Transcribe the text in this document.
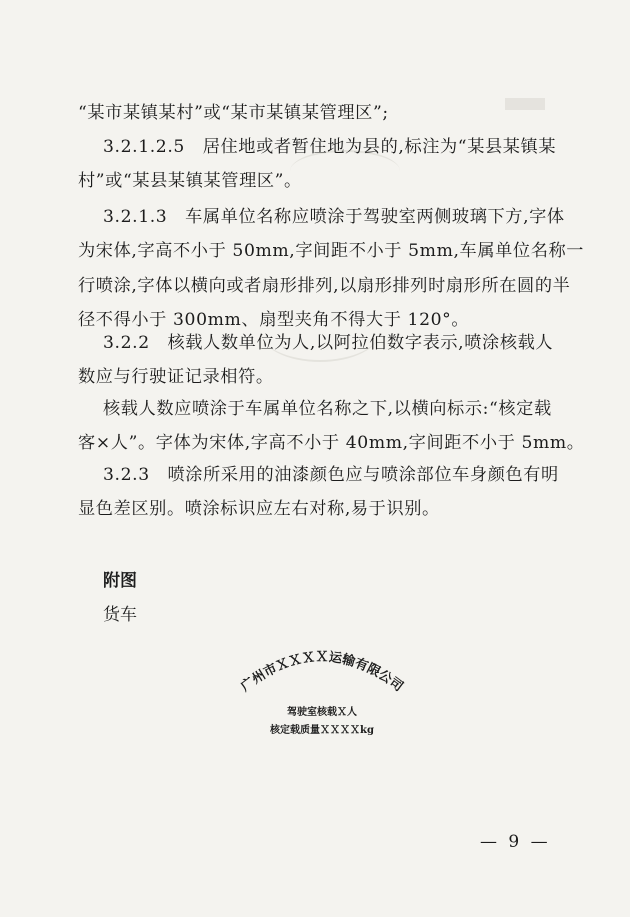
“某市某镇某村”或“某市某镇某管理区”;

3.2.1.2.5　居住地或者暂住地为县的,标注为“某县某镇某
村”或“某县某镇某管理区”。

3.2.1.3　车属单位名称应喷涂于驾驶室两侧玻璃下方,字体
为宋体,字高不小于 50mm,字间距不小于 5mm,车属单位名称一
行喷涂,字体以横向或者扇形排列,以扇形排列时扇形所在圆的半
径不得小于 300mm、扇型夹角不得大于 120°。

3.2.2　核载人数单位为人,以阿拉伯数字表示,喷涂核载人
数应与行驶证记录相符。

核载人数应喷涂于车属单位名称之下,以横向标示:“核定载
客×人”。字体为宋体,字高不小于 40mm,字间距不小于 5mm。

3.2.3　喷涂所采用的油漆颜色应与喷涂部位车身颜色有明
显色差区别。喷涂标识应左右对称,易于识别。

附图
货车
广州市ＸＸＸＸ运输有限公司
驾驶室核载Ｘ人
核定载质量ＸＸＸＸkg
— 9 —
